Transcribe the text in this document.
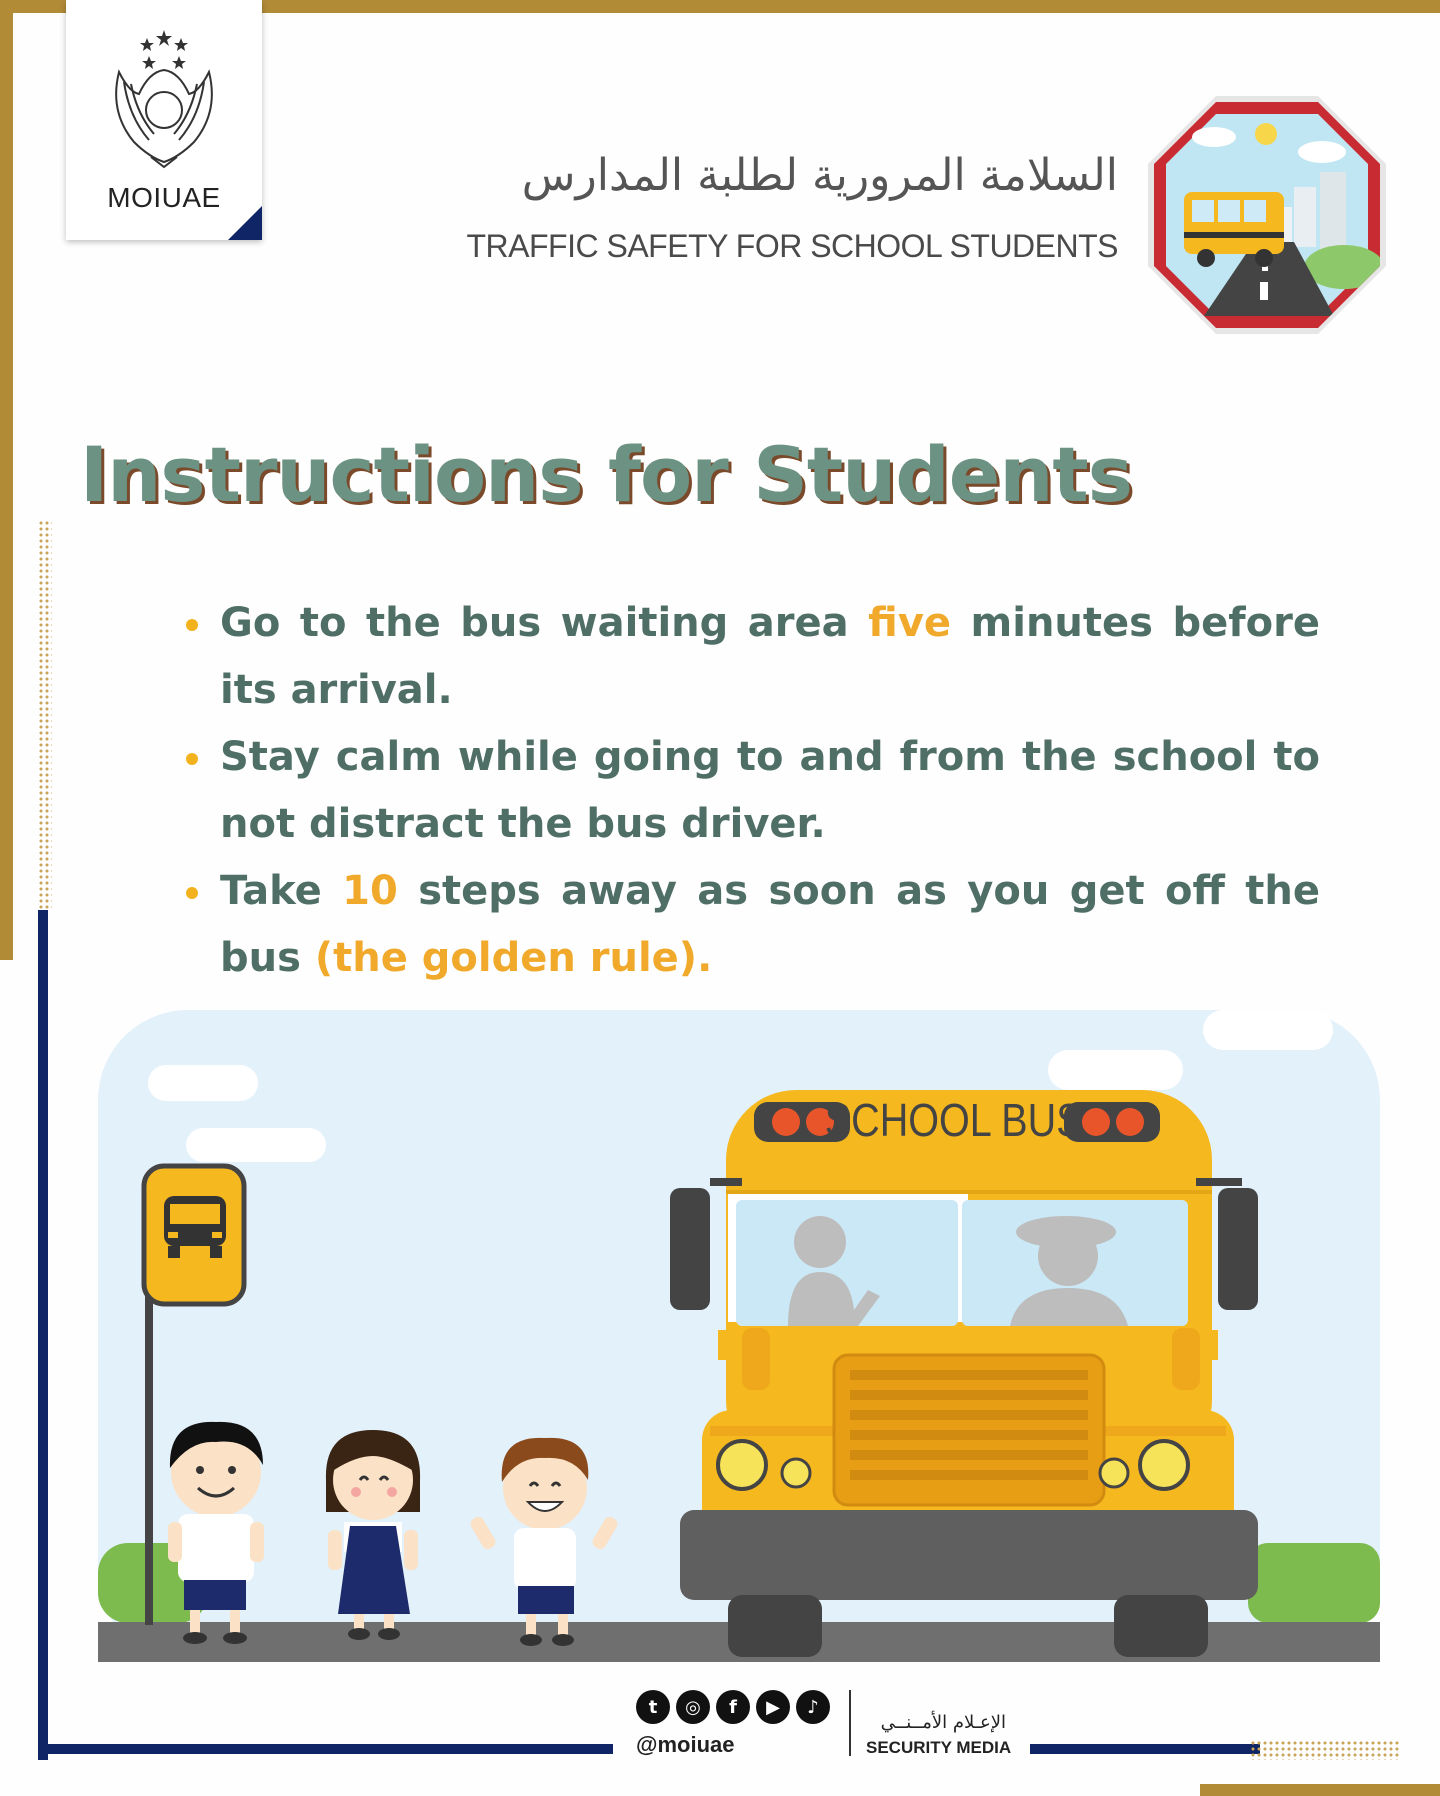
MOIUAE	السلامة المرورية لطلبة المدارس
TRAFFIC SAFETY FOR SCHOOL STUDENTS
Instructions for Students
Go to the bus waiting area five minutes before its arrival.
Stay calm while going to and from the school to not distract the bus driver.
Take 10 steps away as soon as you get off the bus (the golden rule).
SCHOOL BUS
t	◎	f	▶	♪
@moiuae
الإعـلام الأمــنــي
SECURITY MEDIA
